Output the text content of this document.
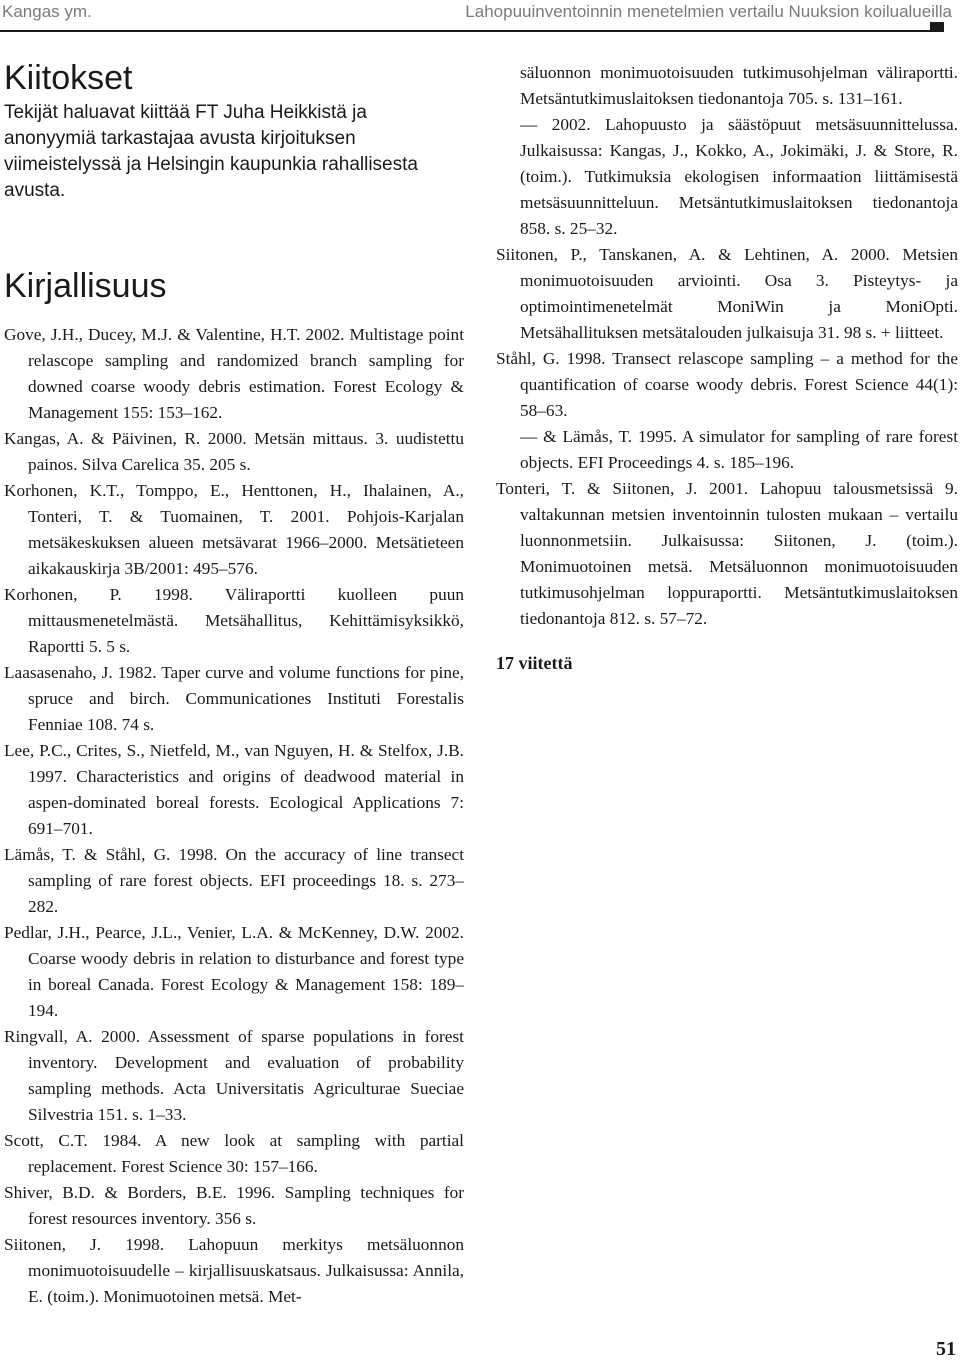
Kangas ym.	Lahopuuinventoinnin menetelmien vertailu Nuuksion koilualueilla
Kiitokset

Tekijät haluavat kiittää FT Juha Heikkistä ja anonyymiä tarkastajaa avusta kirjoituksen viimeistelyssä ja Helsingin kaupunkia rahallisesta avusta.

Kirjallisuus

Gove, J.H., Ducey, M.J. & Valentine, H.T. 2002. Multistage point relascope sampling and randomized branch sampling for downed coarse woody debris estimation. Forest Ecology & Management 155: 153–162.

Kangas, A. & Päivinen, R. 2000. Metsän mittaus. 3. uudistettu painos. Silva Carelica 35. 205 s.

Korhonen, K.T., Tomppo, E., Henttonen, H., Ihalainen, A., Tonteri, T. & Tuomainen, T. 2001. Pohjois-Karjalan metsäkeskuksen alueen metsävarat 1966–2000. Metsätieteen aikakauskirja 3B/2001: 495–576.

Korhonen, P. 1998. Väliraportti kuolleen puun mittausmenetelmästä. Metsähallitus, Kehittämisyksikkö, Raportti 5. 5 s.

Laasasenaho, J. 1982. Taper curve and volume functions for pine, spruce and birch. Communicationes Instituti Forestalis Fenniae 108. 74 s.

Lee, P.C., Crites, S., Nietfeld, M., van Nguyen, H. & Stelfox, J.B. 1997. Characteristics and origins of deadwood material in aspen-dominated boreal forests. Ecological Applications 7: 691–701.

Lämås, T. & Ståhl, G. 1998. On the accuracy of line transect sampling of rare forest objects. EFI proceedings 18. s. 273–282.

Pedlar, J.H., Pearce, J.L., Venier, L.A. & McKenney, D.W. 2002. Coarse woody debris in relation to disturbance and forest type in boreal Canada. Forest Ecology & Management 158: 189–194.

Ringvall, A. 2000. Assessment of sparse populations in forest inventory. Development and evaluation of probability sampling methods. Acta Universitatis Agriculturae Sueciae Silvestria 151. s. 1–33.

Scott, C.T. 1984. A new look at sampling with partial replacement. Forest Science 30: 157–166.

Shiver, B.D. & Borders, B.E. 1996. Sampling techniques for forest resources inventory. 356 s.

Siitonen, J. 1998. Lahopuun merkitys metsäluonnon monimuotoisuudelle – kirjallisuuskatsaus. Julkaisussa: Annila, E. (toim.). Monimuotoinen metsä. Met-

säluonnon monimuotoisuuden tutkimusohjelman väliraportti. Metsäntutkimuslaitoksen tiedonantoja 705. s. 131–161.

— 2002. Lahopuusto ja säästöpuut metsäsuunnittelussa. Julkaisussa: Kangas, J., Kokko, A., Jokimäki, J. & Store, R. (toim.). Tutkimuksia ekologisen informaation liittämisestä metsäsuunnitteluun. Metsäntutkimuslaitoksen tiedonantoja 858. s. 25–32.

Siitonen, P., Tanskanen, A. & Lehtinen, A. 2000. Metsien monimuotoisuuden arviointi. Osa 3. Pisteytys- ja optimointimenetelmät MoniWin ja MoniOpti. Metsähallituksen metsätalouden julkaisuja 31. 98 s. + liitteet.

Ståhl, G. 1998. Transect relascope sampling – a method for the quantification of coarse woody debris. Forest Science 44(1): 58–63.

— & Lämås, T. 1995. A simulator for sampling of rare forest objects. EFI Proceedings 4. s. 185–196.

Tonteri, T. & Siitonen, J. 2001. Lahopuu talousmetsissä 9. valtakunnan metsien inventoinnin tulosten mukaan – vertailu luonnonmetsiin. Julkaisussa: Siitonen, J. (toim.). Monimuotoinen metsä. Metsäluonnon monimuotoisuuden tutkimusohjelman loppuraportti. Metsäntutkimuslaitoksen tiedonantoja 812. s. 57–72.

17 viitettä
51
